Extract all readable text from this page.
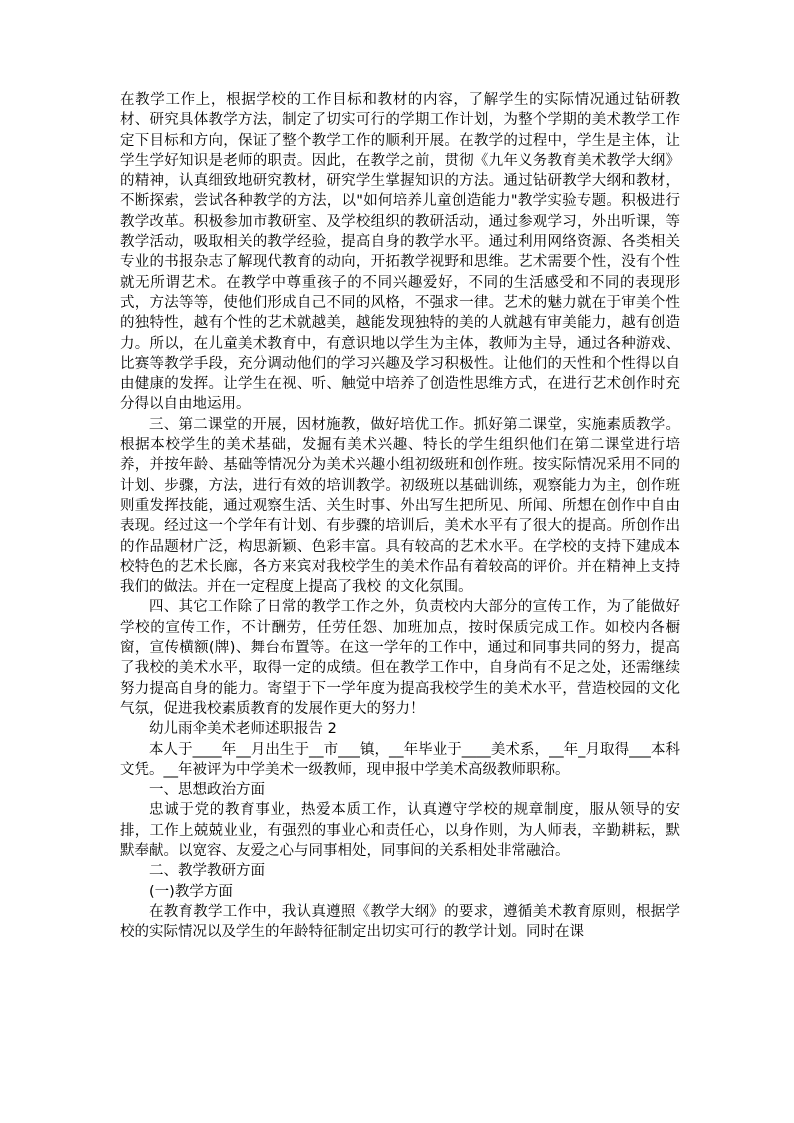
在教学工作上，根据学校的工作目标和教材的内容，了解学生的实际情况通过钻研教材、研究具体教学方法，制定了切实可行的学期工作计划，为整个学期的美术教学工作定下目标和方向，保证了整个教学工作的顺利开展。在教学的过程中，学生是主体，让学生学好知识是老师的职责。因此，在教学之前，贯彻《九年义务教育美术教学大纲》的精神，认真细致地研究教材，研究学生掌握知识的方法。通过钻研教学大纲和教材，不断探索，尝试各种教学的方法，以"如何培养儿童创造能力"教学实验专题。积极进行教学改革。积极参加市教研室、及学校组织的教研活动，通过参观学习，外出听课，等教学活动，吸取相关的教学经验，提高自身的教学水平。通过利用网络资源、各类相关专业的书报杂志了解现代教育的动向，开拓教学视野和思维。艺术需要个性，没有个性就无所谓艺术。在教学中尊重孩子的不同兴趣爱好，不同的生活感受和不同的表现形式，方法等等，使他们形成自己不同的风格，不强求一律。艺术的魅力就在于审美个性的独特性，越有个性的艺术就越美，越能发现独特的美的人就越有审美能力，越有创造力。所以，在儿童美术教育中，有意识地以学生为主体，教师为主导，通过各种游戏、比赛等教学手段，充分调动他们的学习兴趣及学习积极性。让他们的天性和个性得以自由健康的发挥。让学生在视、听、触觉中培养了创造性思维方式，在进行艺术创作时充分得以自由地运用。

三、第二课堂的开展，因材施教，做好培优工作。抓好第二课堂，实施素质教学。根据本校学生的美术基础，发掘有美术兴趣、特长的学生组织他们在第二课堂进行培养，并按年龄、基础等情况分为美术兴趣小组初级班和创作班。按实际情况采用不同的计划、步骤，方法，进行有效的培训教学。初级班以基础训练，观察能力为主，创作班则重发挥技能，通过观察生活、关生时事、外出写生把所见、所闻、所想在创作中自由表现。经过这一个学年有计划、有步骤的培训后，美术水平有了很大的提高。所创作出的作品题材广泛，构思新颖、色彩丰富。具有较高的艺术水平。在学校的支持下建成本校特色的艺术长廊，各方来宾对我校学生的美术作品有着较高的评价。并在精神上支持我们的做法。并在一定程度上提高了我校 的文化氛围。

四、其它工作除了日常的教学工作之外，负责校内大部分的宣传工作，为了能做好学校的宣传工作，不计酬劳，任劳任怨、加班加点，按时保质完成工作。如校内各橱窗，宣传横额(牌)、舞台布置等。在这一学年的工作中，通过和同事共同的努力，提高了我校的美术水平，取得一定的成绩。但在教学工作中，自身尚有不足之处，还需继续努力提高自身的能力。寄望于下一学年度为提高我校学生的美术水平，营造校园的文化气氛，促进我校素质教育的发展作更大的努力！

幼儿雨伞美术老师述职报告 2

本人于____年__月出生于__市___镇，__年毕业于____美术系，__年_月取得___本科文凭。__年被评为中学美术一级教师，现申报中学美术高级教师职称。

一、思想政治方面

忠诚于党的教育事业，热爱本质工作，认真遵守学校的规章制度，服从领导的安排，工作上兢兢业业，有强烈的事业心和责任心，以身作则，为人师表，辛勤耕耘，默默奉献。以宽容、友爱之心与同事相处，同事间的关系相处非常融洽。

二、教学教研方面

(一)教学方面

在教育教学工作中，我认真遵照《教学大纲》的要求，遵循美术教育原则，根据学校的实际情况以及学生的年龄特征制定出切实可行的教学计划。同时在课
